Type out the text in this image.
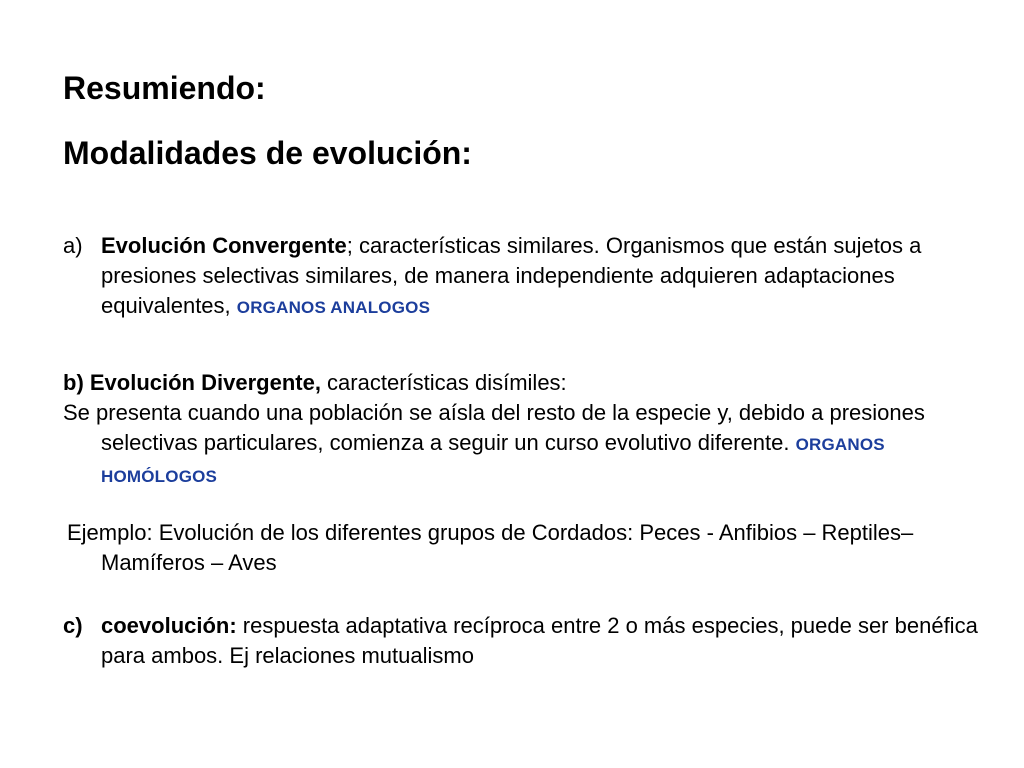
Resumiendo:
Modalidades de evolución:

a) Evolución Convergente; características similares. Organismos que están sujetos a presiones selectivas similares, de manera independiente adquieren adaptaciones equivalentes, ORGANOS ANALOGOS

b) Evolución Divergente, características disímiles:
Se presenta cuando una población se aísla del resto de la especie y, debido a presiones selectivas particulares, comienza a seguir un curso evolutivo diferente. ORGANOS HOMÓLOGOS

Ejemplo: Evolución de los diferentes grupos de Cordados: Peces - Anfibios – Reptiles– Mamíferos – Aves

c) coevolución: respuesta adaptativa recíproca entre 2 o más especies, puede ser benéfica para ambos. Ej relaciones mutualismo
